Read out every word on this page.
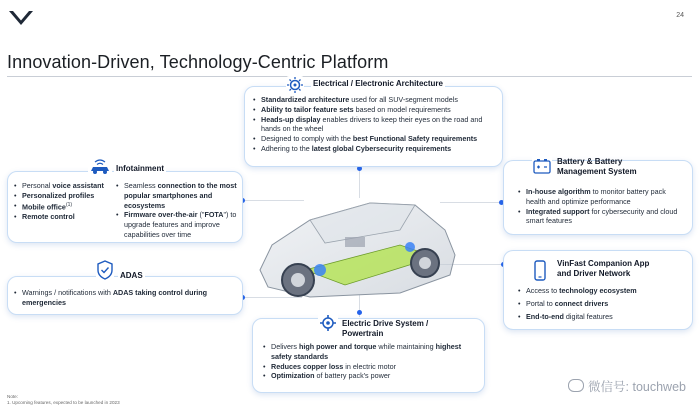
24
Innovation-Driven, Technology-Centric Platform
Electrical / Electronic Architecture
• Standardized architecture used for all SUV-segment models
• Ability to tailor feature sets based on model requirements
• Heads-up display enables drivers to keep their eyes on the road and hands on the wheel
• Designed to comply with the best Functional Safety requirements
• Adhering to the latest global Cybersecurity requirements
Infotainment
• Personal voice assistant
• Personalized profiles
• Mobile office$^{(1)}$
• Remote control
• Seamless connection to the most popular smartphones and ecosystems
• Firmware over-the-air ("FOTA") to upgrade features and improve capabilities over time
ADAS
• Warnings / notifications with ADAS taking control during emergencies
Battery & Battery Management System
• In-house algorithm to monitor battery pack health and optimize performance
• Integrated support for cybersecurity and cloud smart features
VinFast Companion App and Driver Network
• Access to technology ecosystem
• Portal to connect drivers
• End-to-end digital features
Electric Drive System / Powertrain
• Delivers high power and torque while maintaining highest safety standards
• Reduces copper loss in electric motor
• Optimization of battery pack's power
Note:
1. Upcoming features, expected to be launched in 2023
微信号: touchweb
